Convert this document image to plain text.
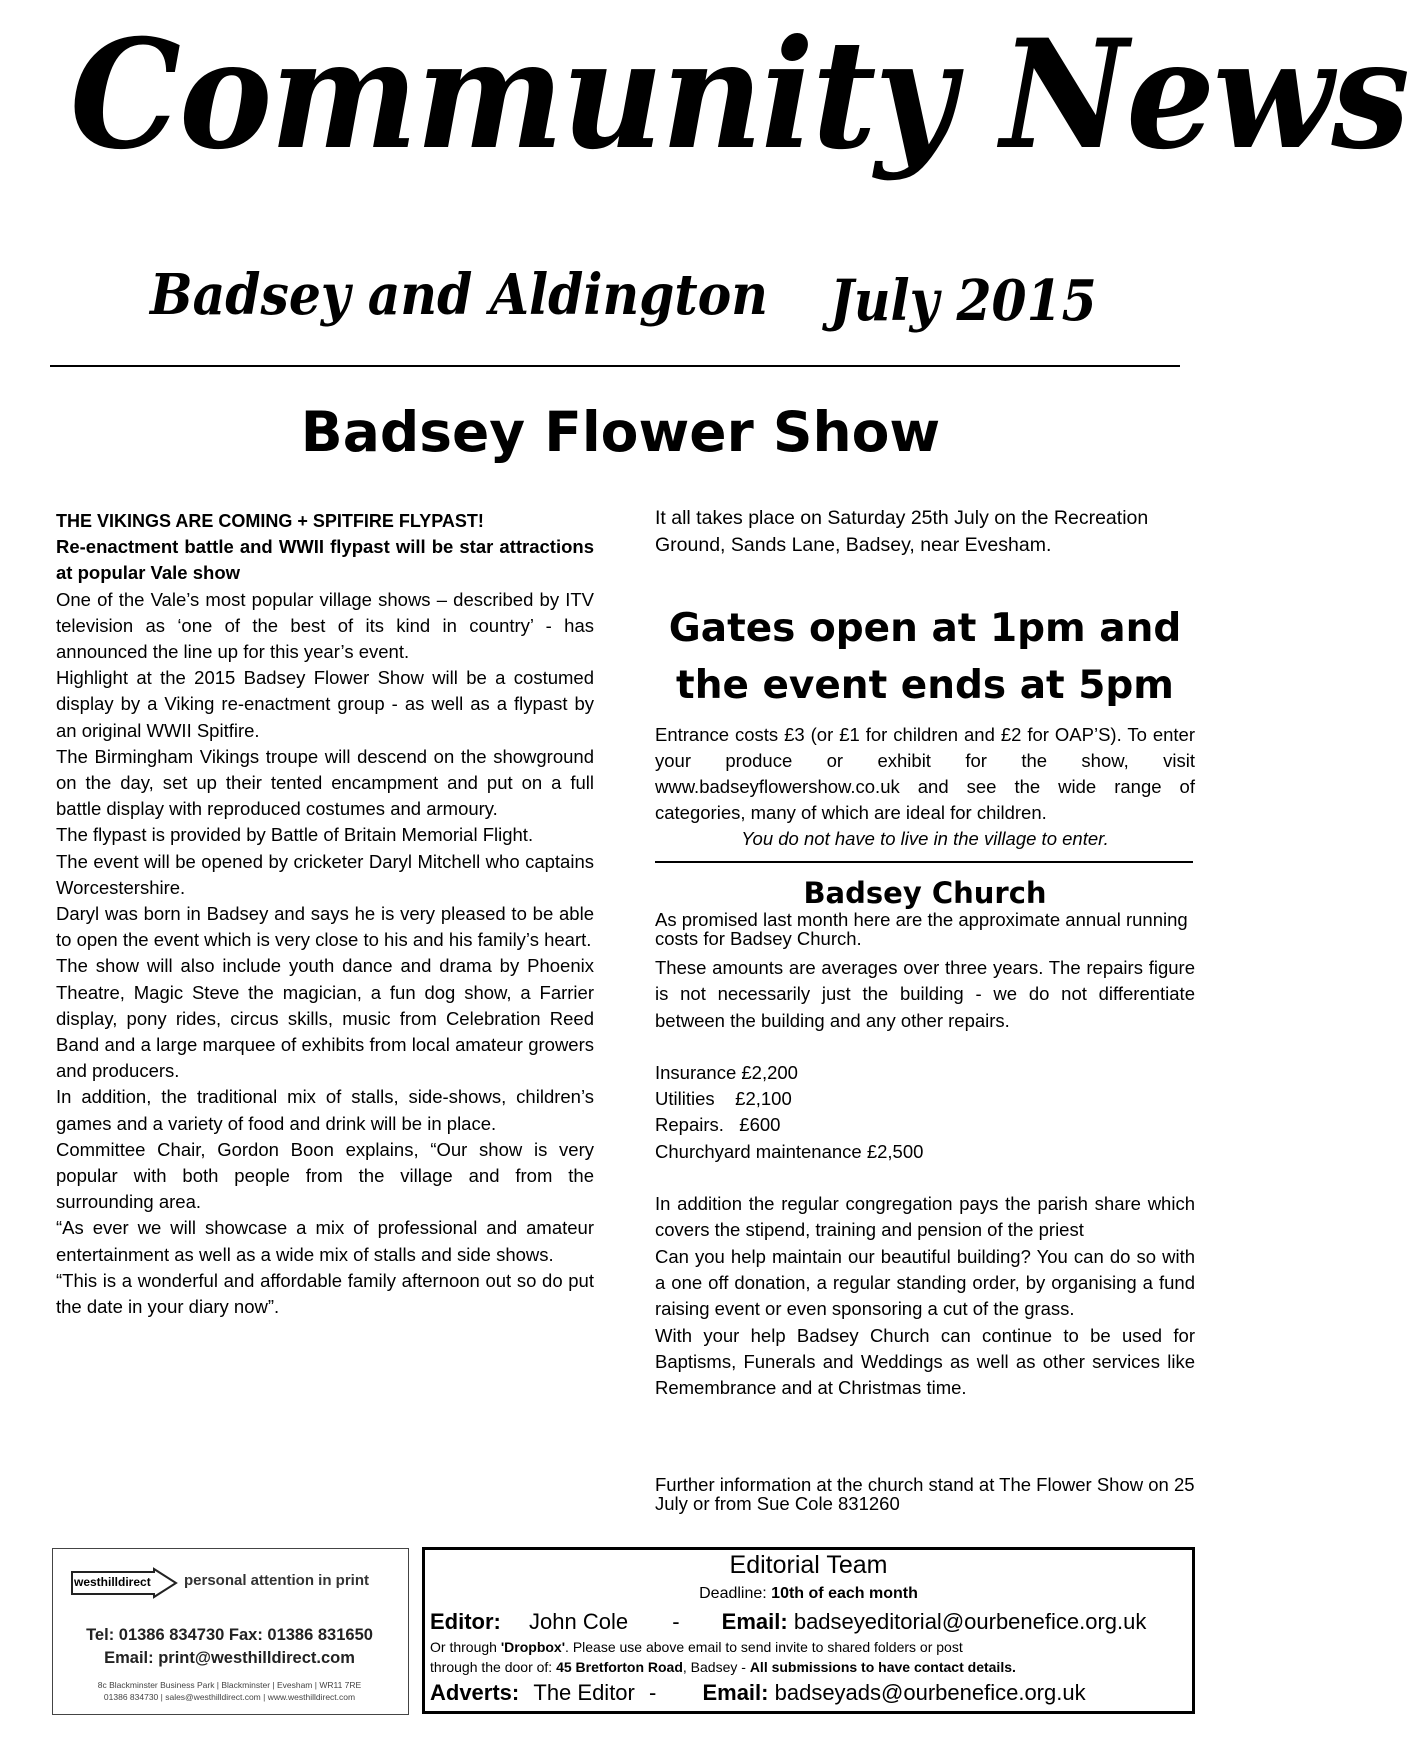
Community News
Badsey and Aldington July 2015
Badsey Flower Show

THE VIKINGS ARE COMING + SPITFIRE FLYPAST!

Re-enactment battle and WWII flypast will be star attractions at popular Vale show

One of the Vale’s most popular village shows – described by ITV television as ‘one of the best of its kind in country’ - has announced the line up for this year’s event.

Highlight at the 2015 Badsey Flower Show will be a costumed display by a Viking re-enactment group - as well as a flypast by an original WWII Spitfire.

The Birmingham Vikings troupe will descend on the showground on the day, set up their tented encampment and put on a full battle display with reproduced costumes and armoury.

The flypast is provided by Battle of Britain Memorial Flight.

The event will be opened by cricketer Daryl Mitchell who captains Worcestershire.

Daryl was born in Badsey and says he is very pleased to be able to open the event which is very close to his and his family’s heart.

The show will also include youth dance and drama by Phoenix Theatre, Magic Steve the magician, a fun dog show, a Farrier display, pony rides, circus skills, music from Celebration Reed Band and a large marquee of exhibits from local amateur growers and producers.

In addition, the traditional mix of stalls, side-shows, children’s games and a variety of food and drink will be in place.

Committee Chair, Gordon Boon explains, “Our show is very popular with both people from the village and from the surrounding area.

“As ever we will showcase a mix of professional and amateur entertainment as well as a wide mix of stalls and side shows.

“This is a wonderful and affordable family afternoon out so do put the date in your diary now”.

It all takes place on Saturday 25th July on the Recreation Ground, Sands Lane, Badsey, near Evesham.
Gates open at 1pm and
the event ends at 5pm
Entrance costs £3 (or £1 for children and £2 for OAP’S). To enter your produce or exhibit for the show, visit www.badseyflowershow.co.uk and see the wide range of categories, many of which are ideal for children.
You do not have to live in the village to enter.
Badsey Church
As promised last month here are the approximate annual running costs for Badsey Church.

These amounts are averages over three years. The repairs figure is not necessarily just the building - we do not differentiate between the building and any other repairs.

Insurance £2,200

Utilities    £2,100

Repairs.   £600

Churchyard maintenance £2,500

In addition the regular congregation pays the parish share which covers the stipend, training and pension of the priest

Can you help maintain our beautiful building? You can do so with a one off donation, a regular standing order, by organising a fund raising event or even sponsoring a cut of the grass.

With your help Badsey Church can continue to be used for Baptisms, Funerals and Weddings as well as other services like Remembrance and at Christmas time.

Further information at the church stand at The Flower Show on 25 July or from Sue Cole 831260
westhilldirect personal attention in print
Tel: 01386 834730 Fax: 01386 831650
Email: print@westhilldirect.com
8c Blackminster Business Park | Blackminster | Evesham | WR11 7RE
01386 834730 | sales@westhilldirect.com | www.westhilldirect.com
Editorial Team
Deadline: 10th of each month
Editor: John Cole - Email: badseyeditorial@ourbenefice.org.uk
Or through 'Dropbox'. Please use above email to send invite to shared folders or post
through the door of: 45 Bretforton Road, Badsey - All submissions to have contact details.
Adverts: The Editor - Email: badseyads@ourbenefice.org.uk
